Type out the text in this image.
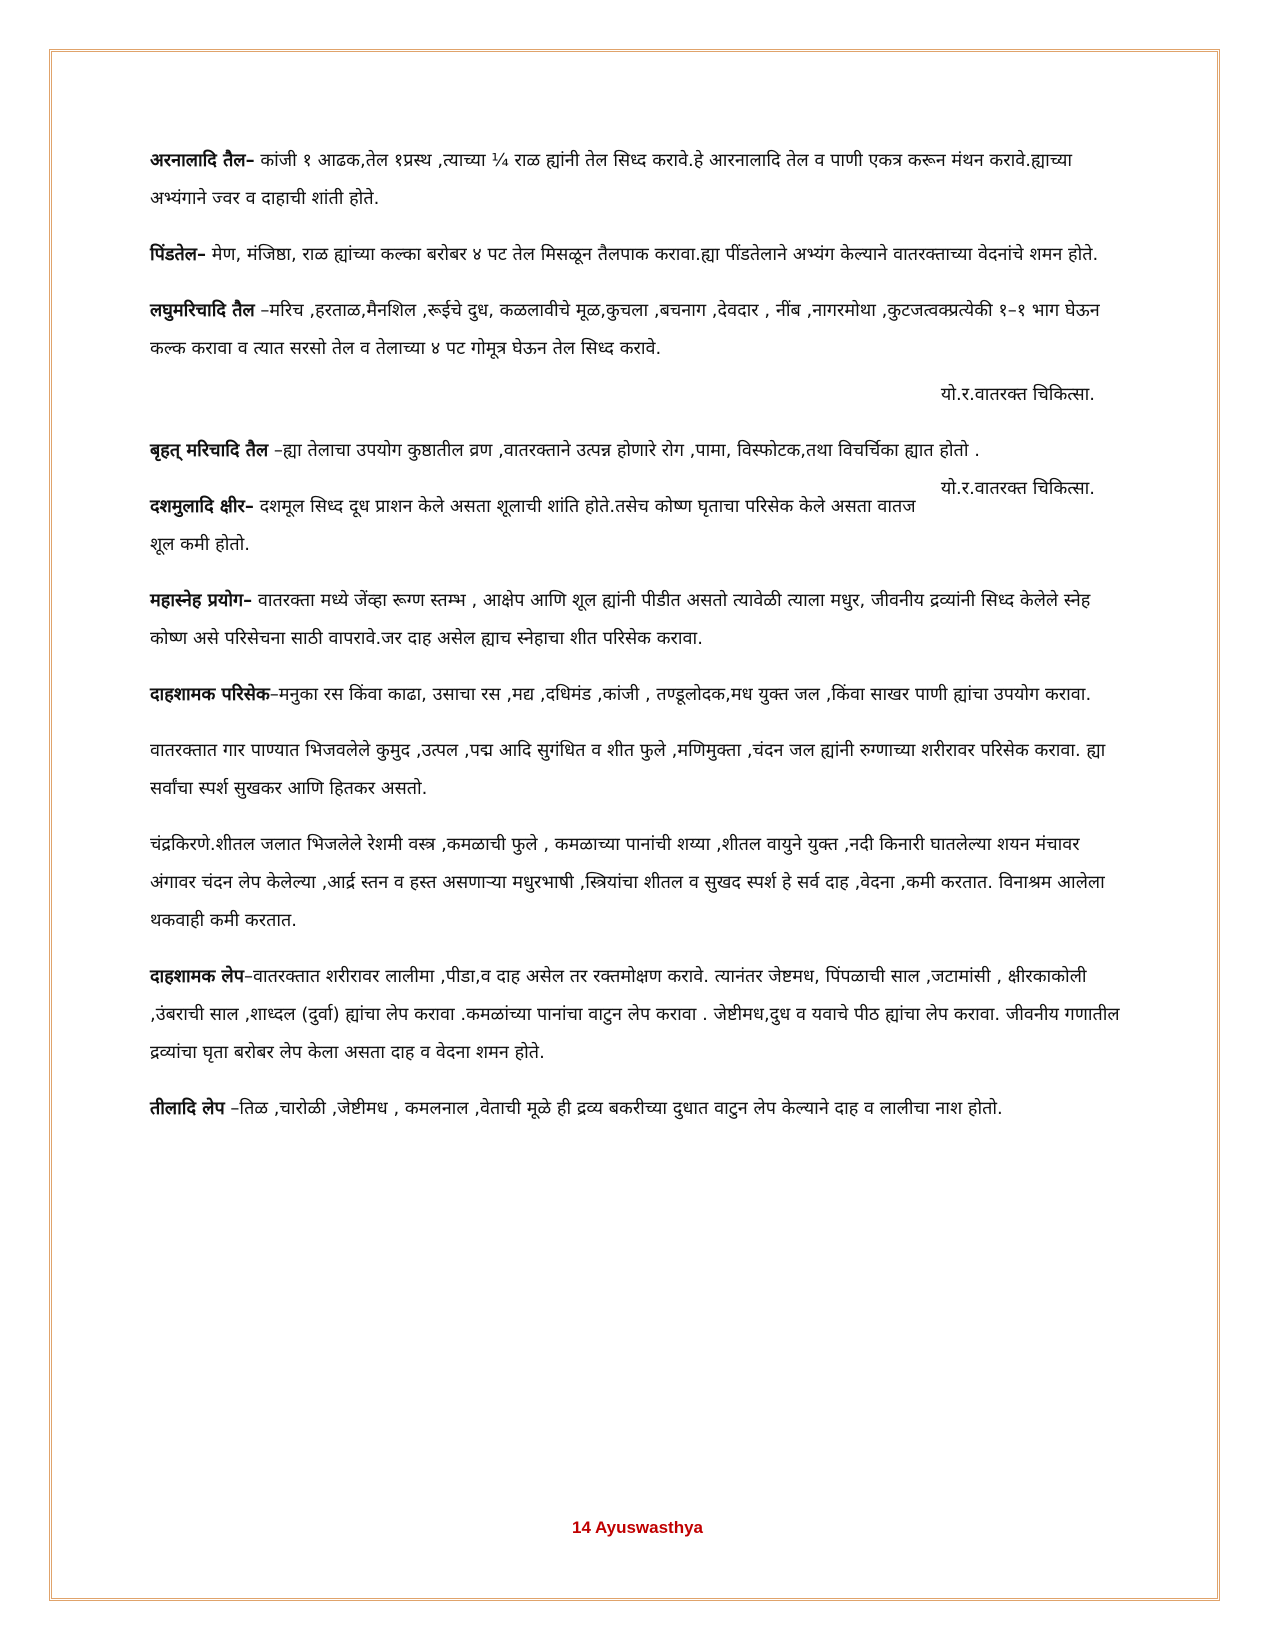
अरनालादि तैल– कांजी १ आढक,तेल १प्रस्थ ,त्याच्या ¼ राळ ह्यांनी तेल सिध्द करावे.हे आरनालादि तेल व पाणी एकत्र करून मंथन करावे.ह्याच्या अभ्यंगाने ज्वर व दाहाची शांती होते.

पिंडतेल– मेण, मंजिष्ठा, राळ ह्यांच्या कल्का बरोबर ४ पट तेल मिसळून तैलपाक करावा.ह्या पींडतेलाने अभ्यंग केल्याने वातरक्ताच्या वेदनांचे शमन होते.

लघुमरिचादि तैल –मरिच ,हरताळ,मैनशिल ,रूईचे दुध, कळलावीचे मूळ,कुचला ,बचनाग ,देवदार , नींब ,नागरमोथा ,कुटजत्वक्प्रत्येकी १–१ भाग घेऊन कल्क करावा व त्यात सरसो तेल व तेलाच्या ४ पट गोमूत्र घेऊन तेल सिध्द करावे.

यो.र.वातरक्त चिकित्सा.

बृहत् मरिचादि तैल –ह्या तेलाचा उपयोग कुष्ठातील व्रण ,वातरक्ताने उत्पन्न होणारे रोग ,पामा, विस्फोटक,तथा विचर्चिका ह्यात होतो .
यो.र.वातरक्त चिकित्सा.

दशमुलादि क्षीर– दशमूल सिध्द दूध प्राशन केले असता शूलाची शांति होते.तसेच कोष्ण घृताचा परिसेक केले असता वातज शूल कमी होतो.

महास्नेह प्रयोग– वातरक्ता मध्ये जेंव्हा रूग्ण स्तम्भ , आक्षेप आणि शूल ह्यांनी पीडीत असतो त्यावेळी त्याला मधुर, जीवनीय द्रव्यांनी सिध्द केलेले स्नेह कोष्ण असे परिसेचना साठी वापरावे.जर दाह असेल ह्याच स्नेहाचा शीत परिसेक करावा.

दाहशामक परिसेक–मनुका रस किंवा काढा, उसाचा रस ,मद्य ,दधिमंड ,कांजी , तण्डूलोदक,मध युक्त जल ,किंवा साखर पाणी ह्यांचा उपयोग करावा.

वातरक्तात गार पाण्यात भिजवलेले कुमुद ,उत्पल ,पद्म आदि सुगंधित व शीत फुले ,मणिमुक्ता ,चंदन जल ह्यांनी रुग्णाच्या शरीरावर परिसेक करावा. ह्या सर्वांचा स्पर्श सुखकर आणि हितकर असतो.

चंद्रकिरणे.शीतल जलात भिजलेले रेशमी वस्त्र ,कमळाची फुले , कमळाच्या पानांची शय्या ,शीतल वायुने युक्त ,नदी किनारी घातलेल्या शयन मंचावर अंगावर चंदन लेप केलेल्या ,आर्द्र स्तन व हस्त असणाऱ्या मधुरभाषी ,स्त्रियांचा शीतल व सुखद स्पर्श हे सर्व दाह ,वेदना ,कमी करतात. विनाश्रम आलेला थकवाही कमी करतात.

दाहशामक लेप–वातरक्तात शरीरावर लालीमा ,पीडा,व दाह असेल तर रक्तमोक्षण करावे. त्यानंतर जेष्टमध, पिंपळाची साल ,जटामांसी , क्षीरकाकोली ,उंबराची साल ,शाध्दल (दुर्वा) ह्यांचा लेप करावा .कमळांच्या पानांचा वाटुन लेप करावा . जेष्टीमध,दुध व यवाचे पीठ ह्यांचा लेप करावा. जीवनीय गणातील द्रव्यांचा घृता बरोबर लेप केला असता दाह व वेदना शमन होते.

तीलादि लेप –तिळ ,चारोळी ,जेष्टीमध , कमलनाल ,वेताची मूळे ही द्रव्य बकरीच्या दुधात वाटुन लेप केल्याने दाह व लालीचा नाश होतो.

14 Ayuswasthya
